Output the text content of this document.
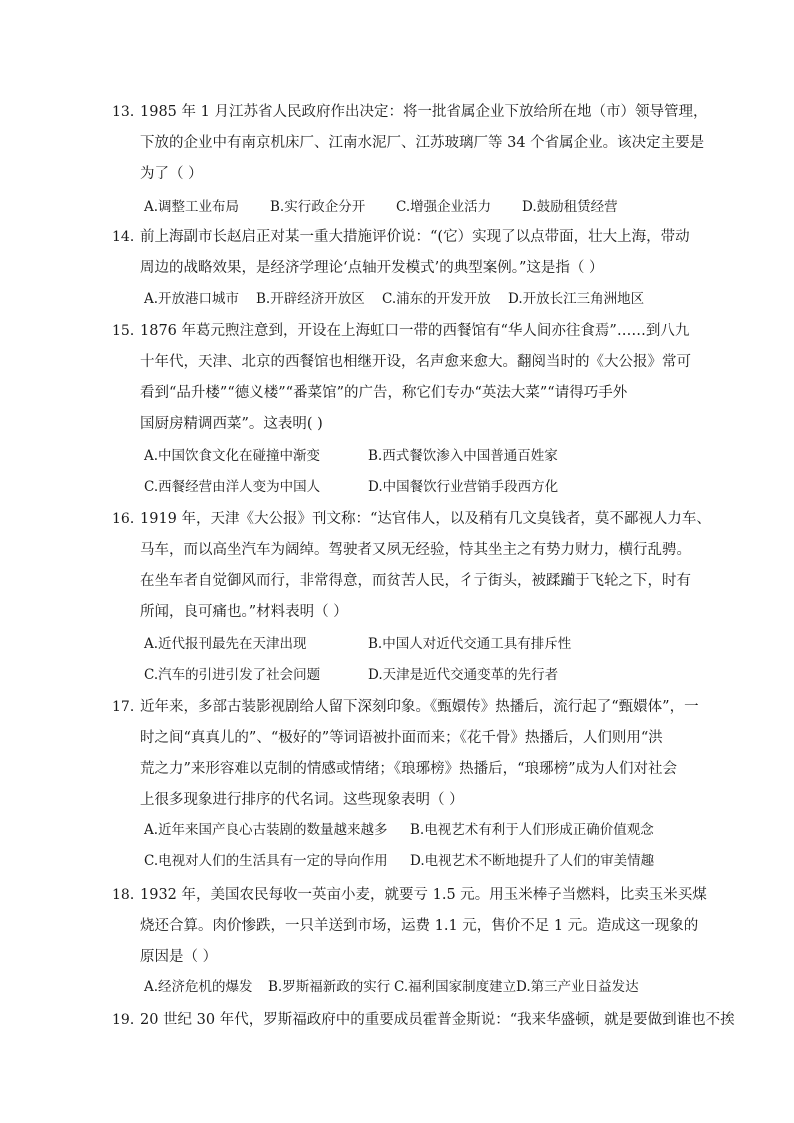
13．
1985 年 1 月江苏省人民政府作出决定：将一批省属企业下放给所在地（市）领导管理，
下放的企业中有南京机床厂、江南水泥厂、江苏玻璃厂等 34 个省属企业。该决定主要是
为了（ ）
A.调整工业布局 B.实行政企分开 C.增强企业活力 D.鼓励租赁经营
14．
前上海副市长赵启正对某一重大措施评价说：“(它）实现了以点带面，壮大上海，带动
周边的战略效果，是经济学理论‘点轴开发模式’的典型案例。”这是指（ ）
A.开放港口城市 B.开辟经济开放区 C.浦东的开发开放 D.开放长江三角洲地区
15．
1876 年葛元煦注意到，开设在上海虹口一带的西餐馆有“华人间亦往食焉”……到八九
十年代，天津、北京的西餐馆也相继开设，名声愈来愈大。翻阅当时的《大公报》常可
看到“品升楼”“德义楼”“番菜馆”的广告，称它们专办“英法大菜”“请得巧手外
国厨房精调西菜”。这表明( )
A.中国饮食文化在碰撞中渐变	B.西式餐饮渗入中国普通百姓家
C.西餐经营由洋人变为中国人	D.中国餐饮行业营销手段西方化
16．
1919 年，天津《大公报》刊文称：“达官伟人，以及稍有几文臭钱者，莫不鄙视人力车、
马车，而以高坐汽车为阔绰。驾驶者又夙无经验，恃其坐主之有势力财力，横行乱骋。
在坐车者自觉御风而行，非常得意，而贫苦人民，彳亍街头，被蹂躏于飞轮之下，时有
所闻，良可痛也。”材料表明（ ）
A.近代报刊最先在天津出现	B.中国人对近代交通工具有排斥性
C.汽车的引进引发了社会问题	D.天津是近代交通变革的先行者
17．
近年来，多部古装影视剧给人留下深刻印象。《甄嬛传》热播后，流行起了“甄嬛体”，一
时之间“真真儿的”、“极好的”等词语被扑面而来；《花千骨》热播后，人们则用“洪
荒之力”来形容难以克制的情感或情绪；《琅琊榜》热播后，“琅琊榜”成为人们对社会
上很多现象进行排序的代名词。这些现象表明（ ）
A.近年来国产良心古装剧的数量越来越多 B.电视艺术有利于人们形成正确价值观念
C.电视对人们的生活具有一定的导向作用 D.电视艺术不断地提升了人们的审美情趣
18．
1932 年，美国农民每收一英亩小麦，就要亏 1.5 元。用玉米棒子当燃料，比卖玉米买煤
烧还合算。肉价惨跌，一只羊送到市场，运费 1.1 元，售价不足 1 元。造成这一现象的
原因是（ ）
A.经济危机的爆发 B.罗斯福新政的实行 C.福利国家制度建立 D.第三产业日益发达
19．
20 世纪 30 年代，罗斯福政府中的重要成员霍普金斯说：“我来华盛顿，就是要做到谁也不挨
